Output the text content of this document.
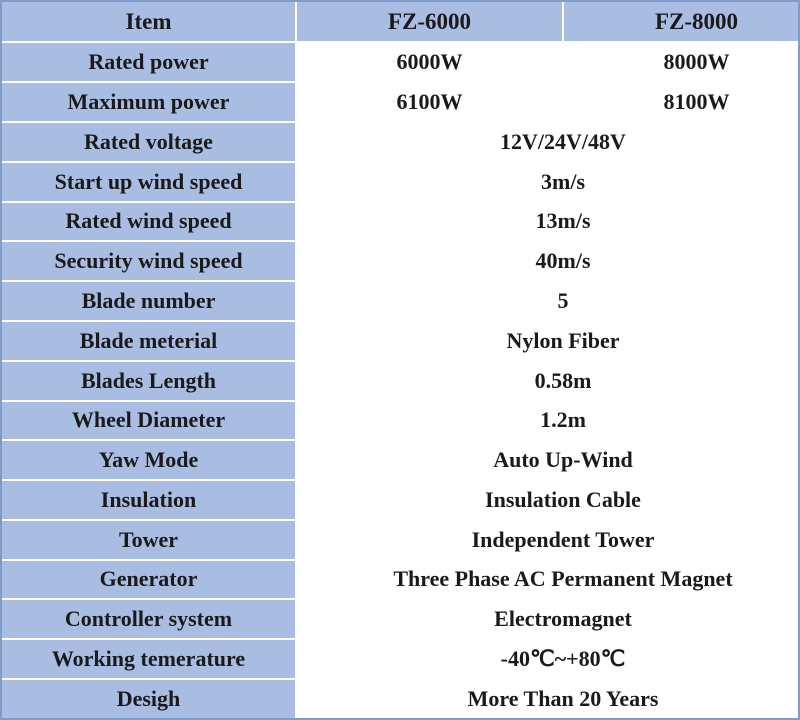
Item	FZ-6000	FZ-8000
Rated power	6000W	8000W
Maximum power	6100W	8100W
Rated voltage	12V/24V/48V	
Start up wind speed	3m/s	
Rated wind speed	13m/s	
Security wind speed	40m/s	
Blade number	5	
Blade meterial	Nylon Fiber	
Blades Length	0.58m	
Wheel Diameter	1.2m	
Yaw Mode	Auto Up-Wind	
Insulation	Insulation Cable	
Tower	Independent Tower	
Generator	Three Phase AC Permanent Magnet	
Controller system	Electromagnet	
Working temerature	-40℃~+80℃	
Desigh	More Than 20 Years	
